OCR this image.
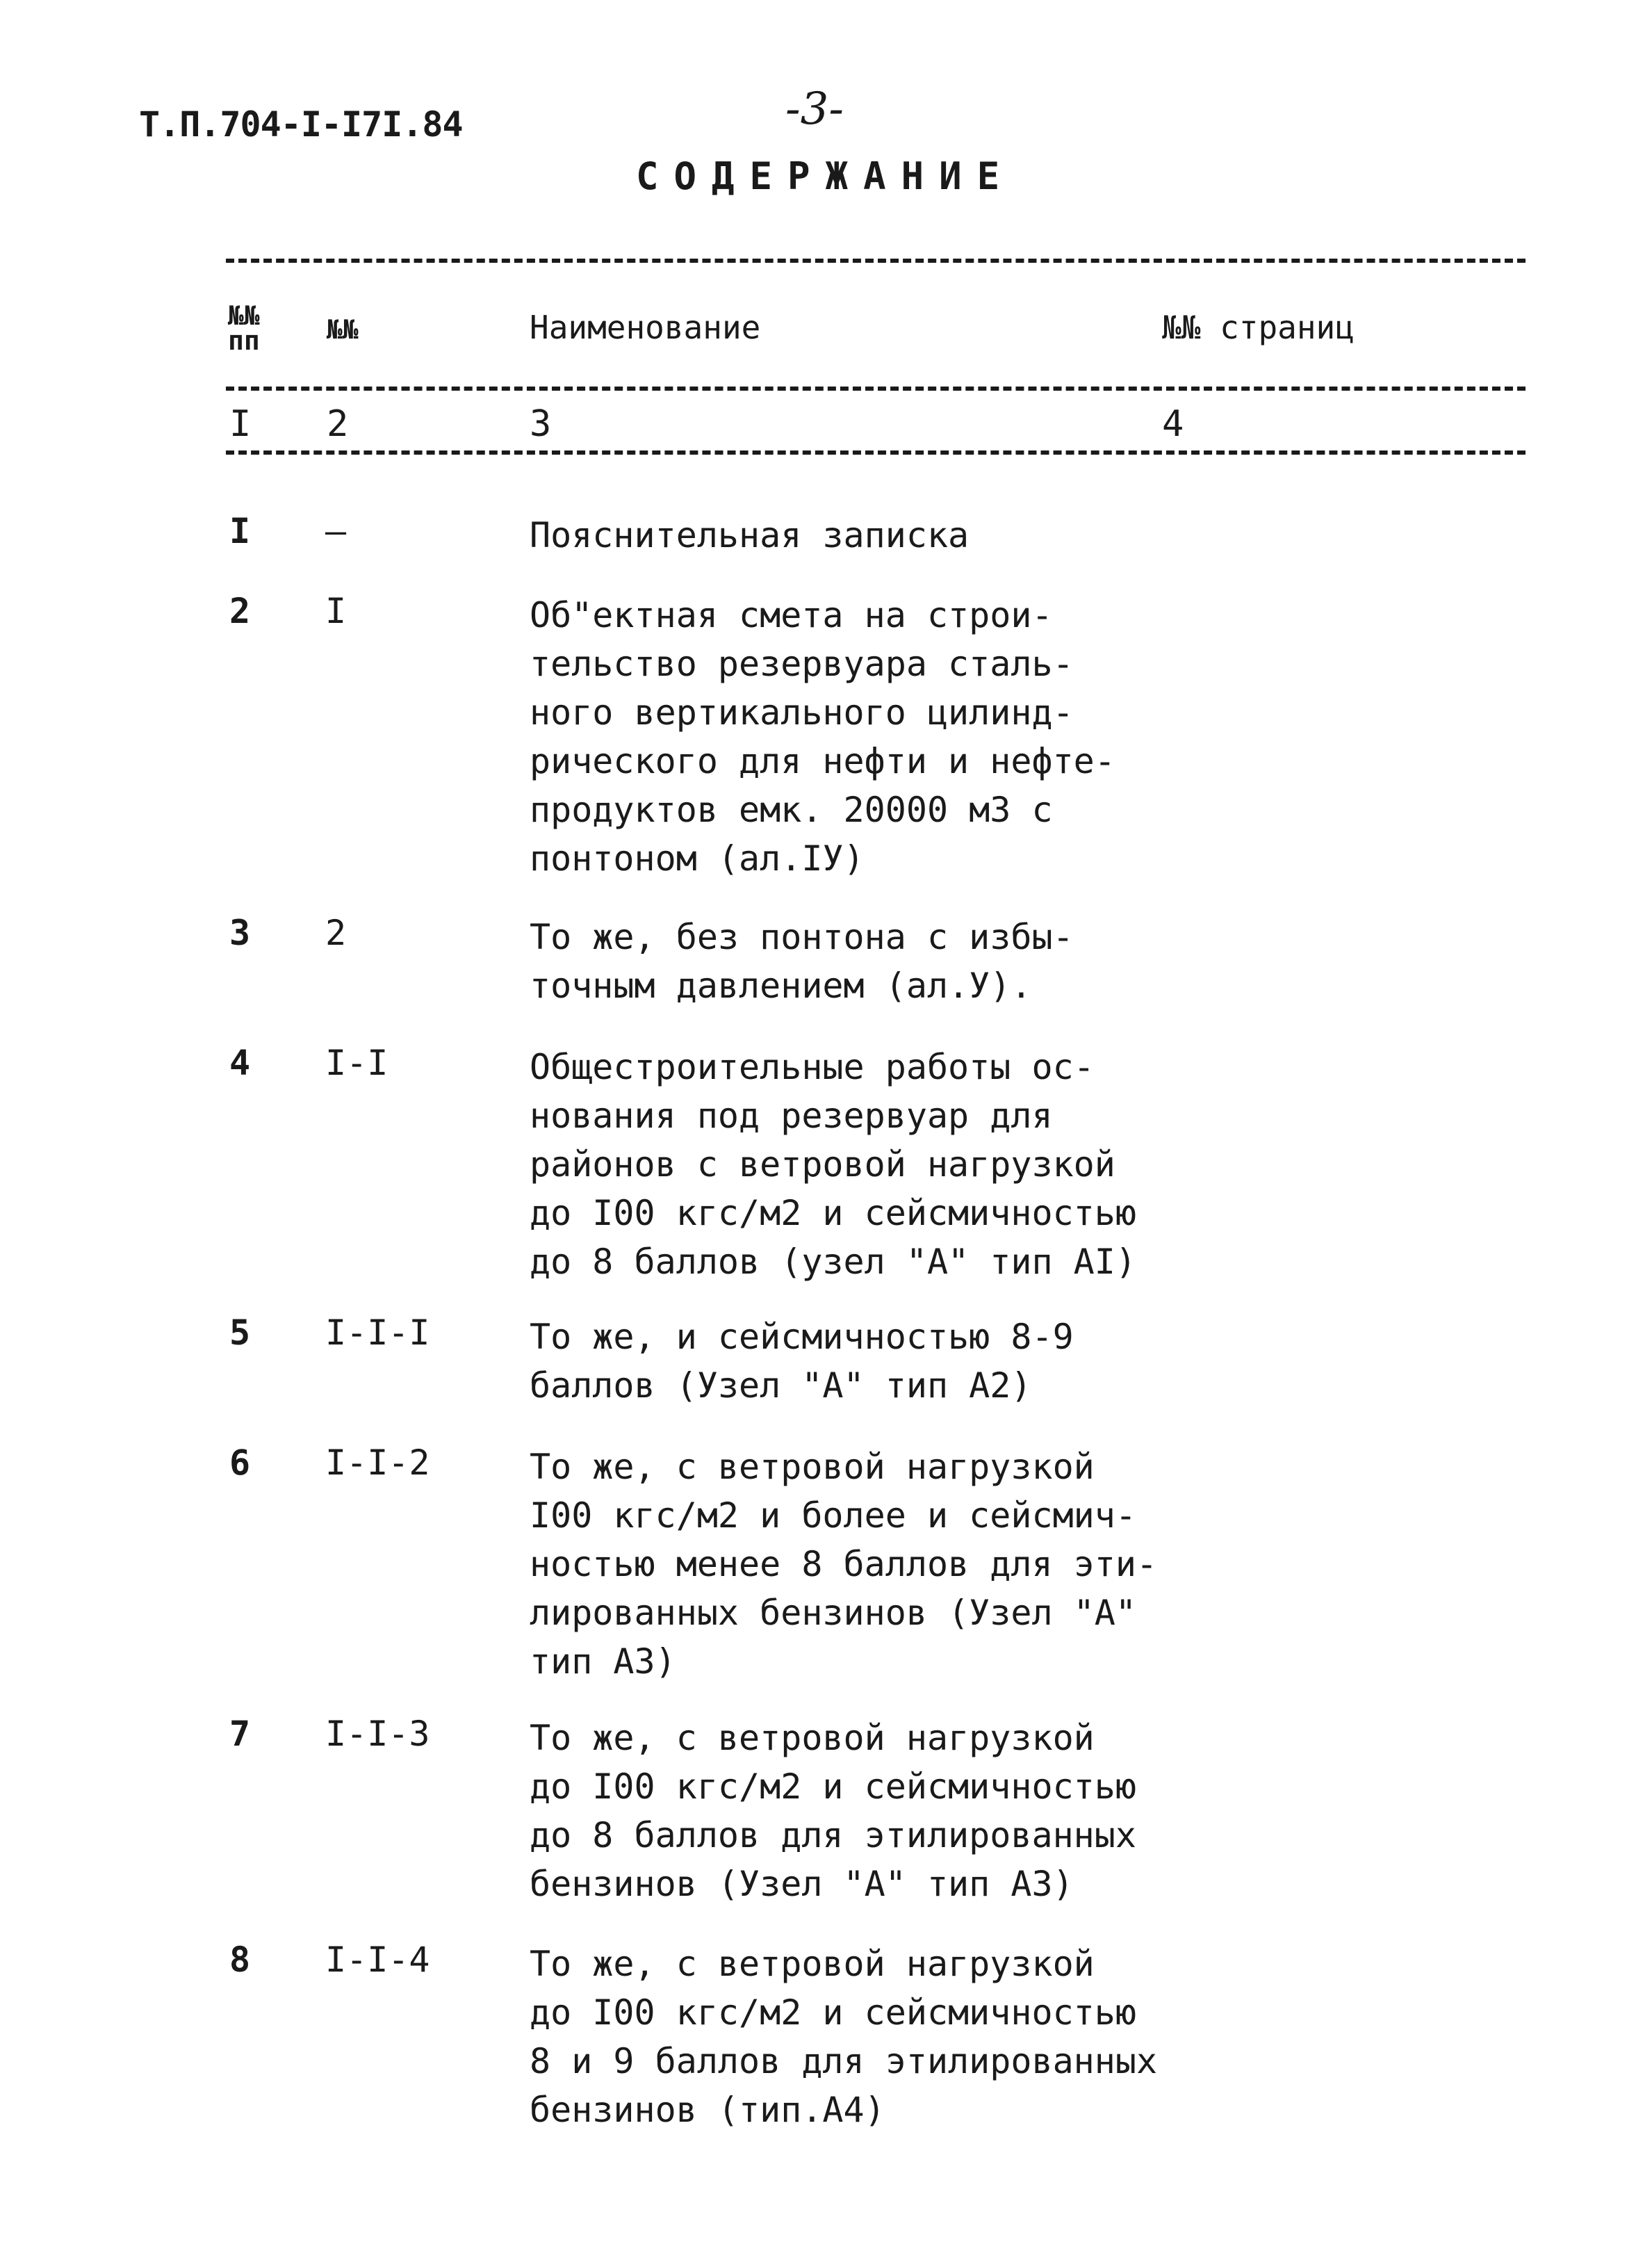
Т.П.704-I-I7I.84	-3-
СОДЕРЖАНИЕ
№№
пп	№№	Наименование	№№ страниц
I 2	3	4
I –	Пояснительная записка
2 I	Об"ектная смета на строи-
тельство резервуара сталь-
ного вертикального цилинд-
рического для нефти и нефте-
продуктов емк. 20000 м3 с
понтоном (ал.IУ)
3 2	То же, без понтона с избы-
точным давлением (ал.У).
4 I-I	Общестроительные работы ос-
нования под резервуар для
районов с ветровой нагрузкой
до I00 кгс/м2 и сейсмичностью
до 8 баллов (узел "А" тип АI)
5 I-I-I	То же, и сейсмичностью 8-9
баллов (Узел "А" тип А2)
6 I-I-2	То же, с ветровой нагрузкой
I00 кгс/м2 и более и сейсмич-
ностью менее 8 баллов для эти-
лированных бензинов (Узел "А"
тип А3)
7 I-I-3	То же, с ветровой нагрузкой
до I00 кгс/м2 и сейсмичностью
до 8 баллов для этилированных
бензинов (Узел "А" тип А3)
8 I-I-4	То же, с ветровой нагрузкой
до I00 кгс/м2 и сейсмичностью
8 и 9 баллов для этилированных
бензинов (тип.А4)
